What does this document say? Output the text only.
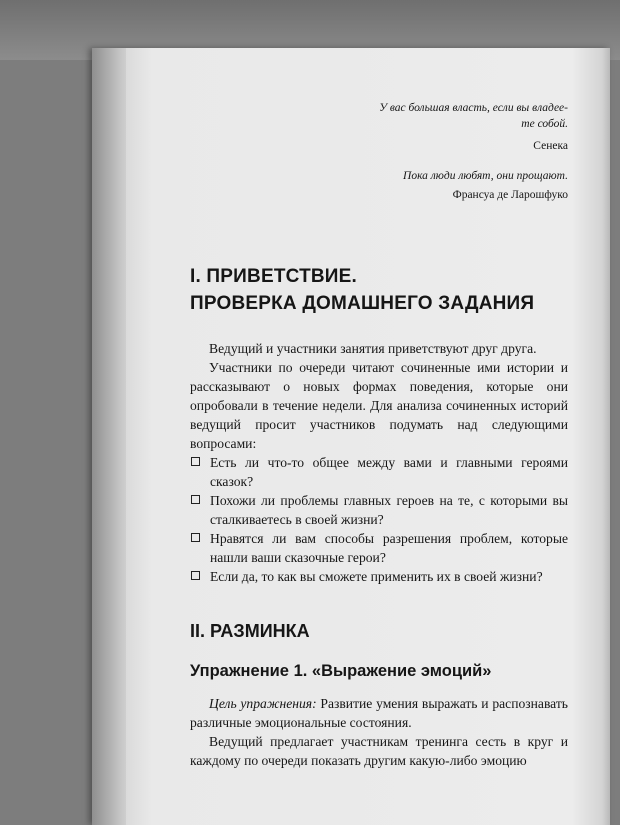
У вас большая власть, если вы владее-
те собой.
Сенека
Пока люди любят, они прощают.
Франсуа де Ларошфуко
I. ПРИВЕТСТВИЕ.
ПРОВЕРКА ДОМАШНЕГО ЗАДАНИЯ

Ведущий и участники занятия приветствуют друг друга.

Участники по очереди читают сочиненные ими истории и рассказывают о новых формах поведения, которые они опробовали в течение недели. Для анализа сочиненных историй ведущий просит участников подумать над следующими вопросами:

Есть ли что-то общее между вами и главными героями сказок?
Похожи ли проблемы главных героев на те, с которыми вы сталкиваетесь в своей жизни?
Нравятся ли вам способы разрешения проблем, которые нашли ваши сказочные герои?
Если да, то как вы сможете применить их в своей жизни?
II. РАЗМИНКА
Упражнение 1. «Выражение эмоций»

Цель упражнения: Развитие умения выражать и распознавать различные эмоциональные состояния.

Ведущий предлагает участникам тренинга сесть в круг и каждому по очереди показать другим какую-либо эмоцию
